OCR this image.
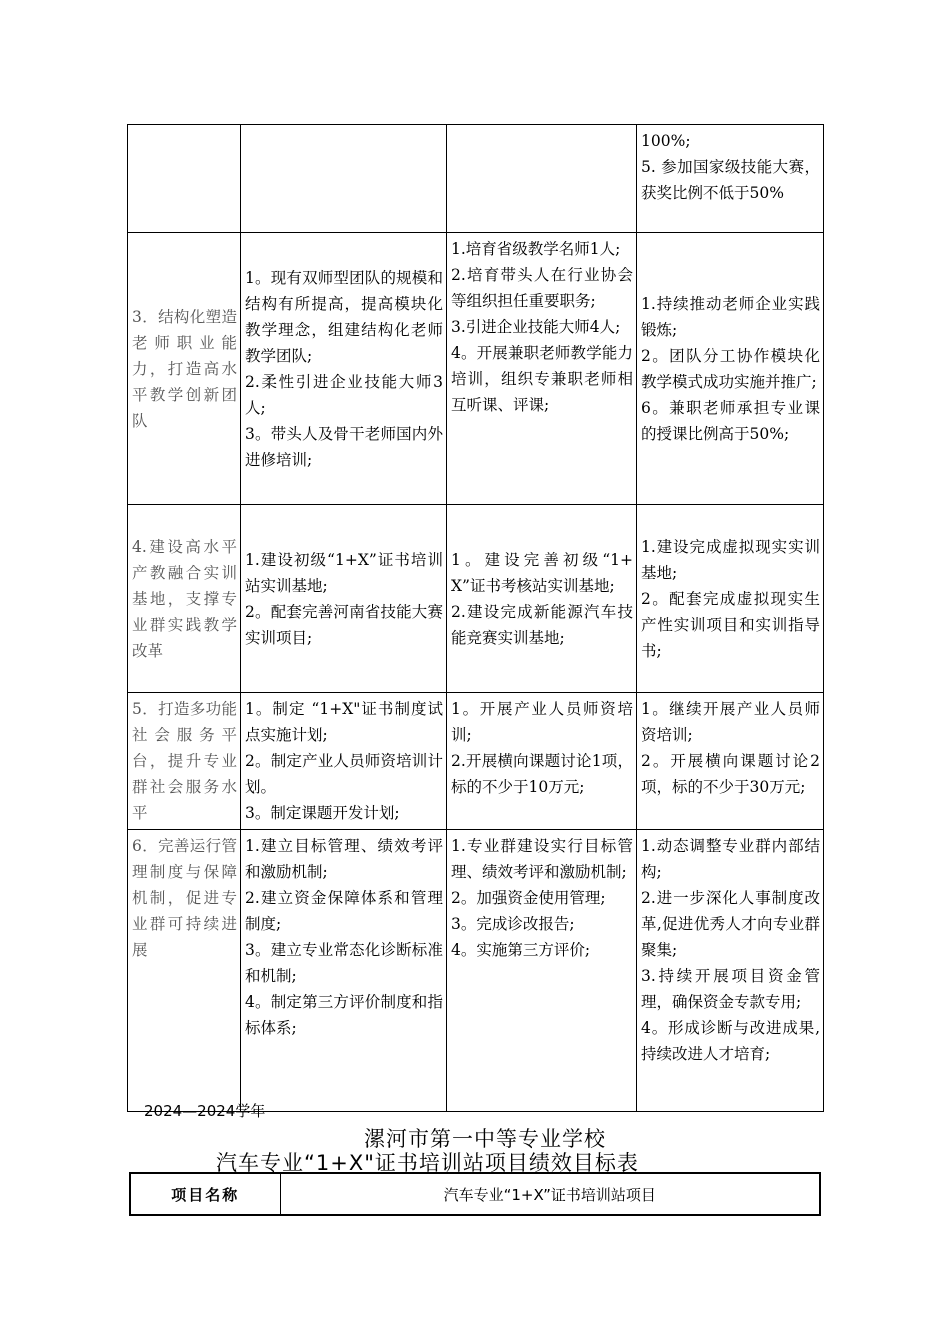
			100%;
5. 参加国家级技能大赛，获奖比例不低于50%

3．结构化塑造老师职业能力，打造高水平教学创新团队	1。现有双师型团队的规模和结构有所提高，提高模块化教学理念，组建结构化老师教学团队;
2.柔性引进企业技能大师3人;
3。带头人及骨干老师国内外进修培训;	1.培育省级教学名师1人;
2.培育带头人在行业协会等组织担任重要职务;
3.引进企业技能大师4人;
4。开展兼职老师教学能力培训，组织专兼职老师相互听课、评课;	1.持续推动老师企业实践锻炼;
2。团队分工协作模块化教学模式成功实施并推广;
6。兼职老师承担专业课的授课比例高于50%;

4.建设高水平产教融合实训基地，支撑专业群实践教学改革	1.建设初级“1+X”证书培训站实训基地;
2。配套完善河南省技能大赛实训项目;	1。建设完善初级“1+X”证书考核站实训基地;
2.建设完成新能源汽车技能竞赛实训基地;	1.建设完成虚拟现实实训基地;
2。配套完成虚拟现实生产性实训项目和实训指导书;

5．打造多功能社会服务平台，提升专业群社会服务水平	1。制定 “1+X"证书制度试点实施计划;
2。制定产业人员师资培训计划。
3。制定课题开发计划;	1。开展产业人员师资培训;
2.开展横向课题讨论1项，标的不少于10万元;	1。继续开展产业人员师资培训;
2。开展横向课题讨论2项，标的不少于30万元;

6．完善运行管理制度与保障机制，促进专业群可持续进展	1.建立目标管理、绩效考评和激励机制;
2.建立资金保障体系和管理制度;
3。建立专业常态化诊断标准和机制;
4。制定第三方评价制度和指标体系;	1.专业群建设实行目标管理、绩效考评和激励机制;
2。加强资金使用管理;
3。完成诊改报告;
4。实施第三方评价;	1.动态调整专业群内部结构;
2.进一步深化人事制度改革,促进优秀人才向专业群聚集;
3.持续开展项目资金管理，确保资金专款专用;
4。形成诊断与改进成果,持续改进人才培育;
2024—2024学年
漯河市第一中等专业学校
汽车专业“1+X"证书培训站项目绩效目标表
项目名称	汽车专业“1+X”证书培训站项目
